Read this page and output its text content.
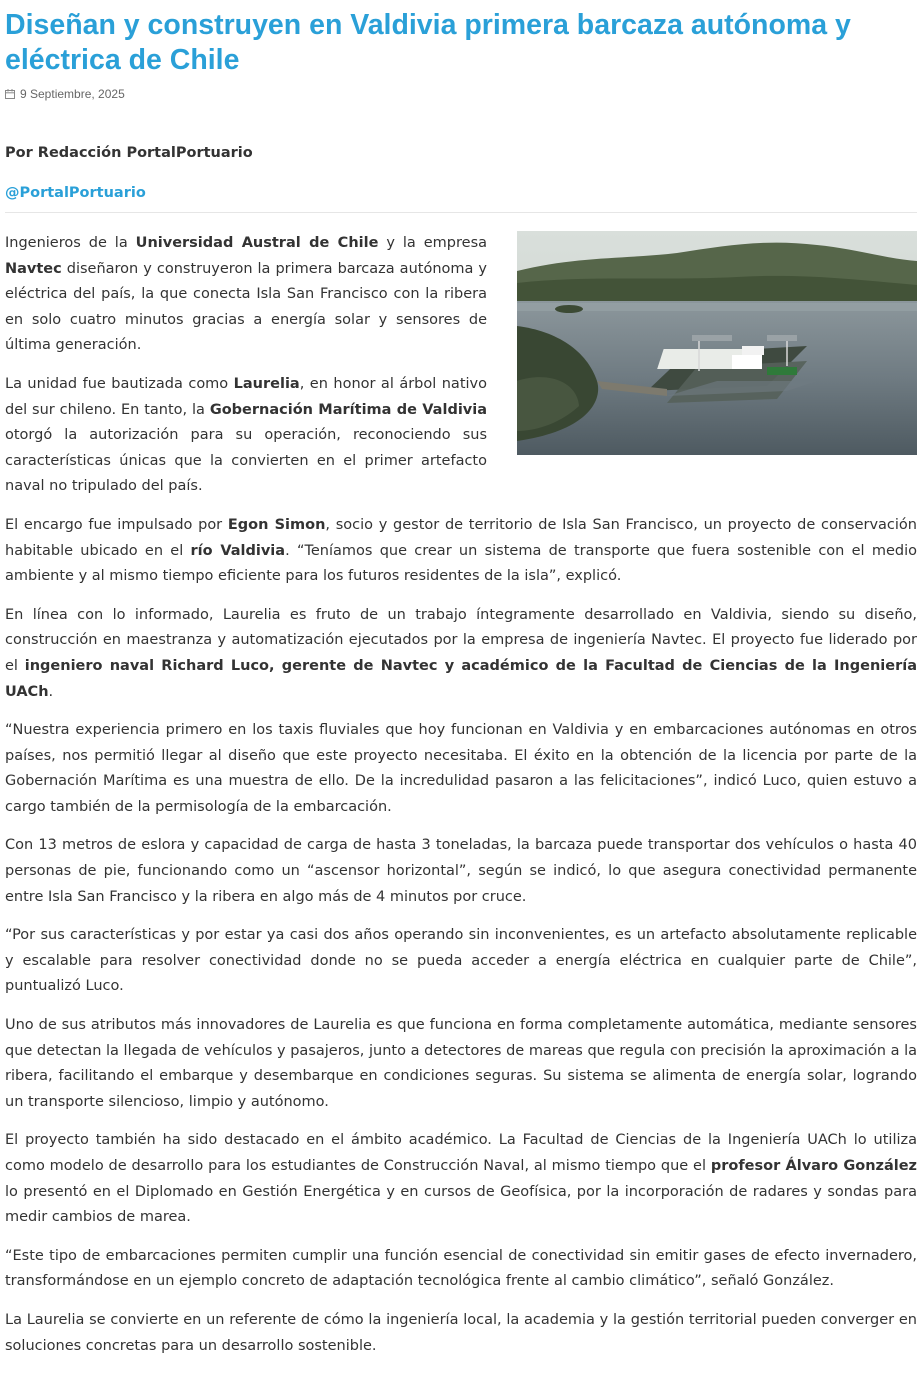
Diseñan y construyen en Valdivia primera barcaza autónoma y eléctrica de Chile
9 Septiembre, 2025
Por Redacción PortalPortuario
@PortalPortuario

Ingenieros de la Universidad Austral de Chile y la empresa Navtec diseñaron y construyeron la primera barcaza autónoma y eléctrica del país, la que conecta Isla San Francisco con la ribera en solo cuatro minutos gracias a energía solar y sensores de última generación.

La unidad fue bautizada como Laurelia, en honor al árbol nativo del sur chileno. En tanto, la Gobernación Marítima de Valdivia otorgó la autorización para su operación, reconociendo sus características únicas que la convierten en el primer artefacto naval no tripulado del país.

El encargo fue impulsado por Egon Simon, socio y gestor de territorio de Isla San Francisco, un proyecto de conservación habitable ubicado en el río Valdivia. “Teníamos que crear un sistema de transporte que fuera sostenible con el medio ambiente y al mismo tiempo eficiente para los futuros residentes de la isla”, explicó.

En línea con lo informado, Laurelia es fruto de un trabajo íntegramente desarrollado en Valdivia, siendo su diseño, construcción en maestranza y automatización ejecutados por la empresa de ingeniería Navtec. El proyecto fue liderado por el ingeniero naval Richard Luco, gerente de Navtec y académico de la Facultad de Ciencias de la Ingeniería UACh.

“Nuestra experiencia primero en los taxis fluviales que hoy funcionan en Valdivia y en embarcaciones autónomas en otros países, nos permitió llegar al diseño que este proyecto necesitaba. El éxito en la obtención de la licencia por parte de la Gobernación Marítima es una muestra de ello. De la incredulidad pasaron a las felicitaciones”, indicó Luco, quien estuvo a cargo también de la permisología de la embarcación.

Con 13 metros de eslora y capacidad de carga de hasta 3 toneladas, la barcaza puede transportar dos vehículos o hasta 40 personas de pie, funcionando como un “ascensor horizontal”, según se indicó, lo que asegura conectividad permanente entre Isla San Francisco y la ribera en algo más de 4 minutos por cruce.

“Por sus características y por estar ya casi dos años operando sin inconvenientes, es un artefacto absolutamente replicable y escalable para resolver conectividad donde no se pueda acceder a energía eléctrica en cualquier parte de Chile”, puntualizó Luco.

Uno de sus atributos más innovadores de Laurelia es que funciona en forma completamente automática, mediante sensores que detectan la llegada de vehículos y pasajeros, junto a detectores de mareas que regula con precisión la aproximación a la ribera, facilitando el embarque y desembarque en condiciones seguras. Su sistema se alimenta de energía solar, logrando un transporte silencioso, limpio y autónomo.

El proyecto también ha sido destacado en el ámbito académico. La Facultad de Ciencias de la Ingeniería UACh lo utiliza como modelo de desarrollo para los estudiantes de Construcción Naval, al mismo tiempo que el profesor Álvaro González lo presentó en el Diplomado en Gestión Energética y en cursos de Geofísica, por la incorporación de radares y sondas para medir cambios de marea.

“Este tipo de embarcaciones permiten cumplir una función esencial de conectividad sin emitir gases de efecto invernadero, transformándose en un ejemplo concreto de adaptación tecnológica frente al cambio climático”, señaló González.

La Laurelia se convierte en un referente de cómo la ingeniería local, la academia y la gestión territorial pueden converger en soluciones concretas para un desarrollo sostenible.
